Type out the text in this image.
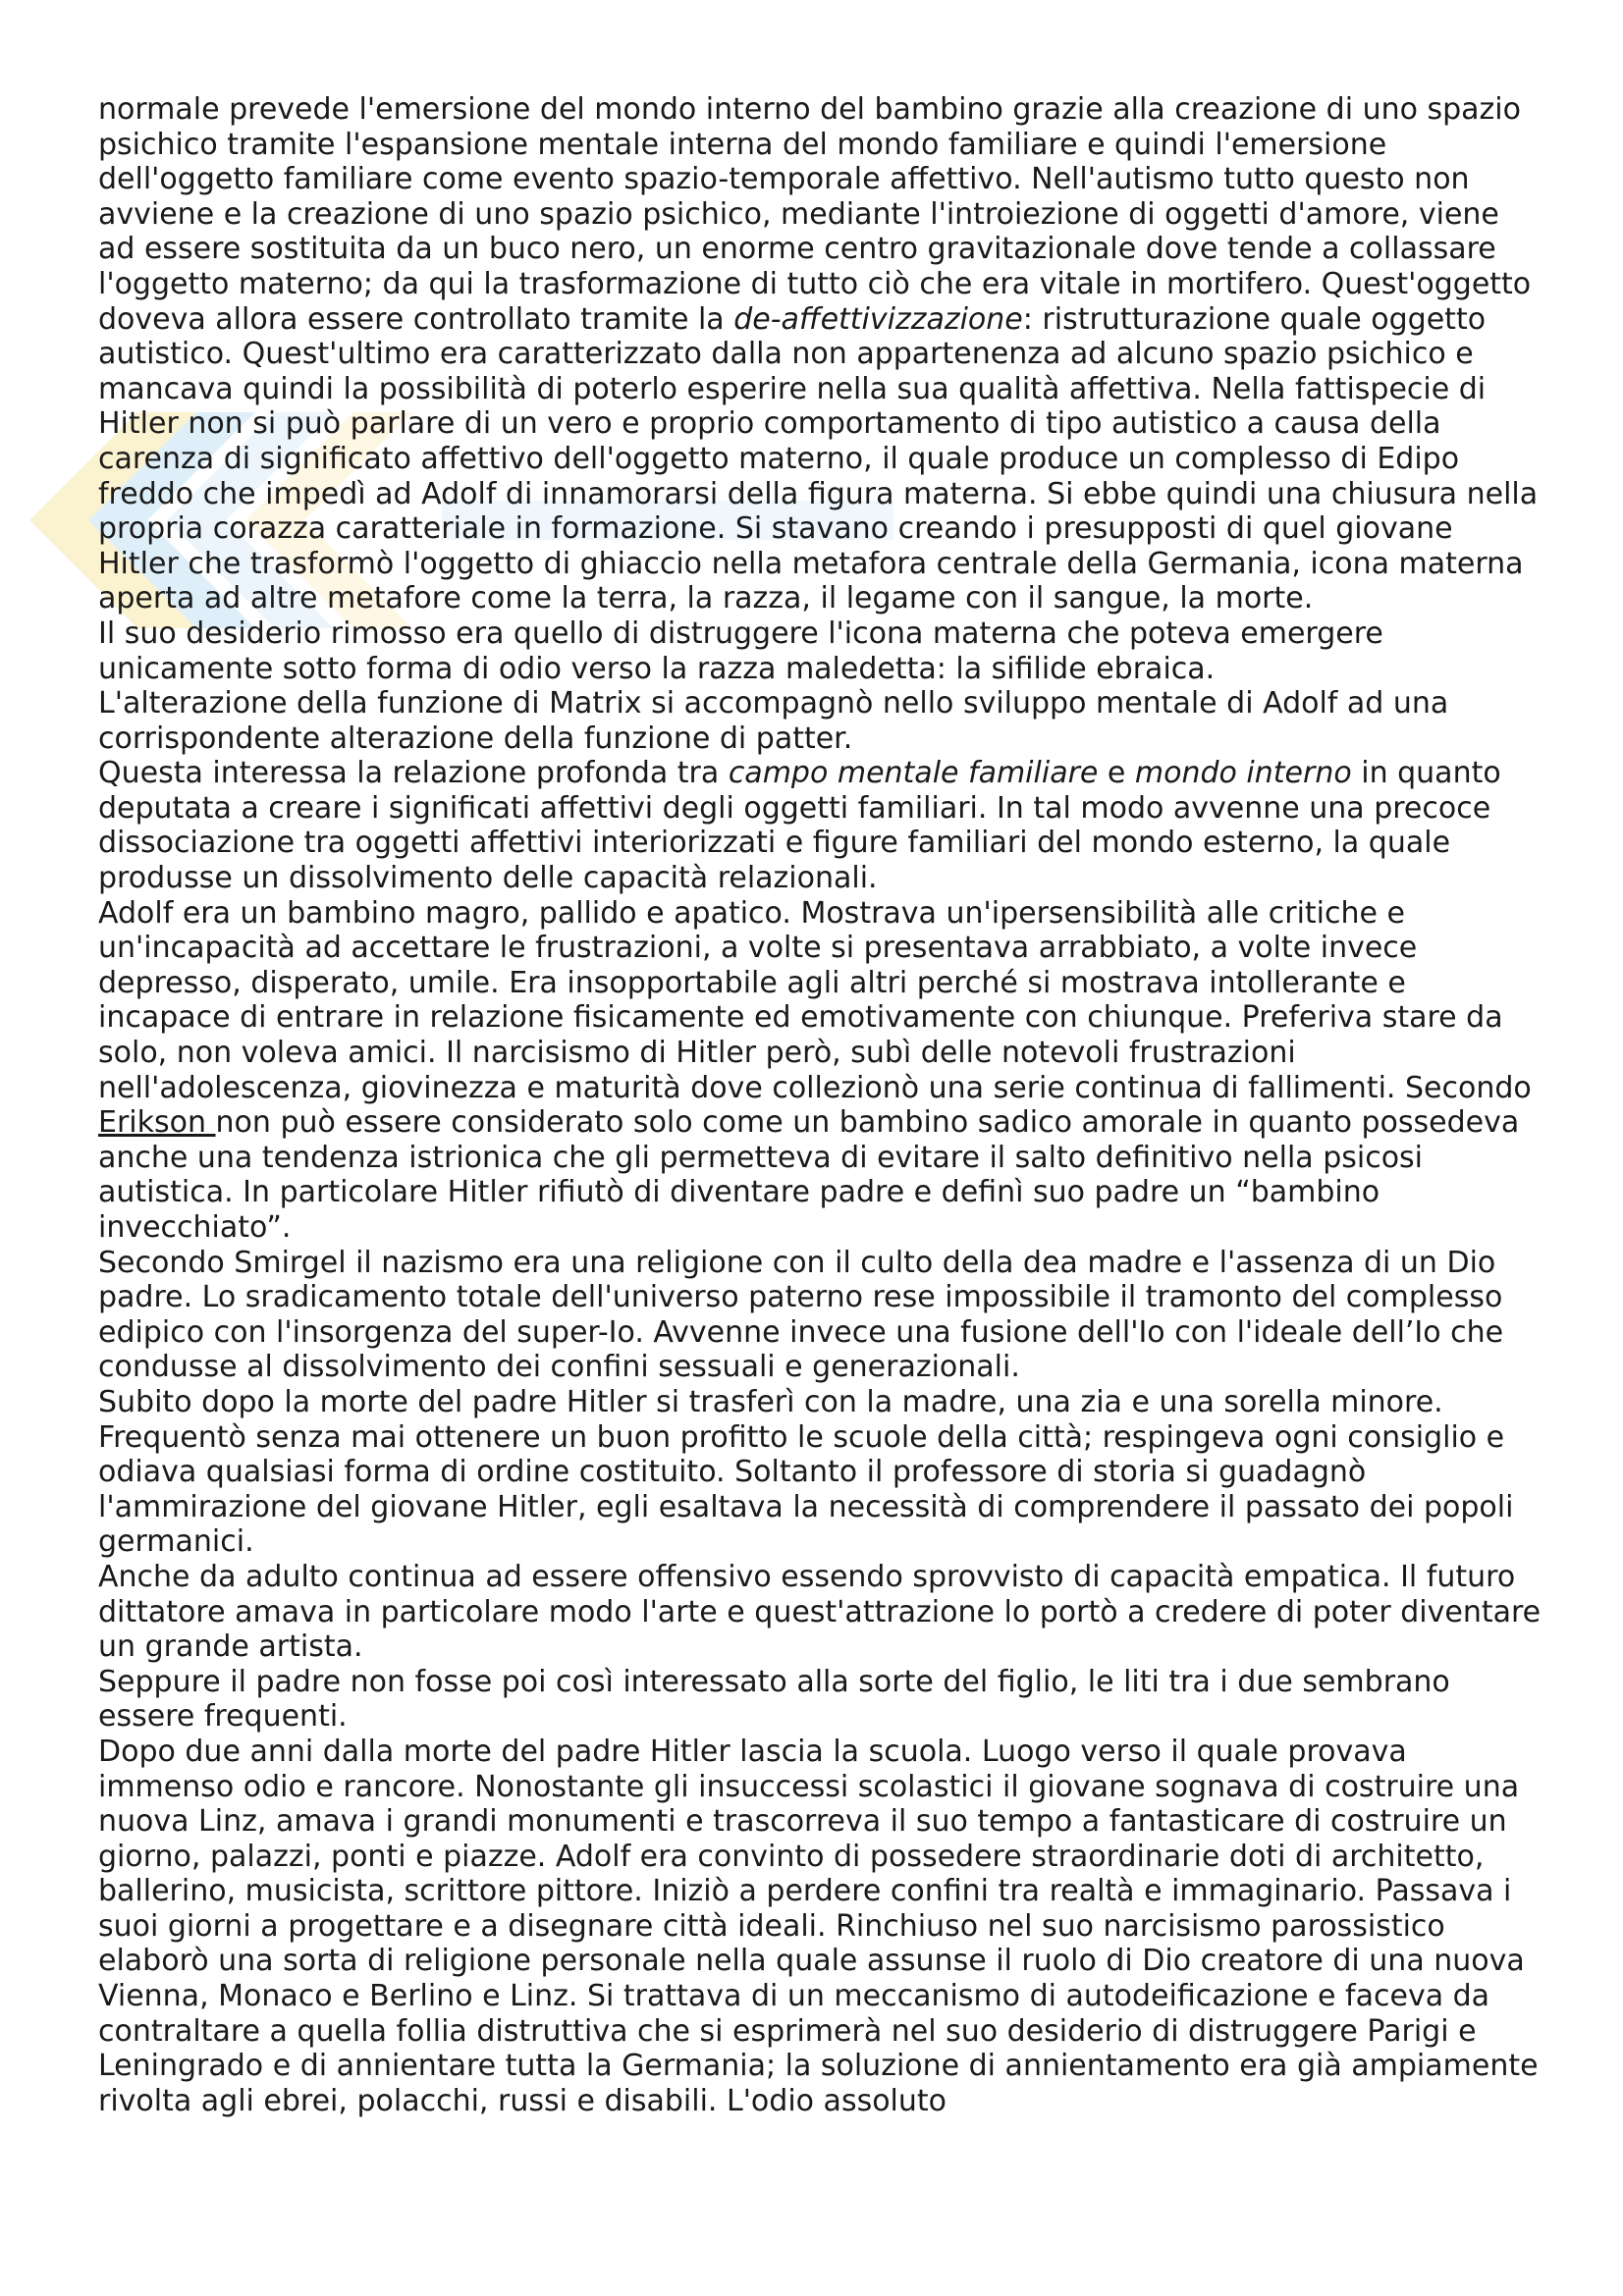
normale prevede l'emersione del mondo interno del bambino grazie alla creazione di uno spazio psichico tramite l'espansione mentale interna del mondo familiare e quindi l'emersione dell'oggetto familiare come evento spazio-temporale affettivo. Nell'autismo tutto questo non avviene e la creazione di uno spazio psichico, mediante l'introiezione di oggetti d'amore, viene ad essere sostituita da un buco nero, un enorme centro gravitazionale dove tende a collassare l'oggetto materno; da qui la trasformazione di tutto ciò che era vitale in mortifero. Quest'oggetto doveva allora essere controllato tramite la de-affettivizzazione: ristrutturazione quale oggetto autistico. Quest'ultimo era caratterizzato dalla non appartenenza ad alcuno spazio psichico e mancava quindi la possibilità di poterlo esperire nella sua qualità affettiva. Nella fattispecie di Hitler non si può parlare di un vero e proprio comportamento di tipo autistico a causa della carenza di significato affettivo dell'oggetto materno, il quale produce un complesso di Edipo freddo che impedì ad Adolf di innamorarsi della figura materna. Si ebbe quindi una chiusura nella propria corazza caratteriale in formazione. Si stavano creando i presupposti di quel giovane Hitler che trasformò l'oggetto di ghiaccio nella metafora centrale della Germania, icona materna aperta ad altre metafore come la terra, la razza, il legame con il sangue, la morte.

Il suo desiderio rimosso era quello di distruggere l'icona materna che poteva emergere unicamente sotto forma di odio verso la razza maledetta: la sifilide ebraica.

L'alterazione della funzione di Matrix si accompagnò nello sviluppo mentale di Adolf ad una corrispondente alterazione della funzione di patter.

Questa interessa la relazione profonda tra campo mentale familiare e mondo interno in quanto deputata a creare i significati affettivi degli oggetti familiari. In tal modo avvenne una precoce dissociazione tra oggetti affettivi interiorizzati e figure familiari del mondo esterno, la quale produsse un dissolvimento delle capacità relazionali.

Adolf era un bambino magro, pallido e apatico. Mostrava un'ipersensibilità alle critiche e un'incapacità ad accettare le frustrazioni, a volte si presentava arrabbiato, a volte invece depresso, disperato, umile. Era insopportabile agli altri perché si mostrava intollerante e incapace di entrare in relazione fisicamente ed emotivamente con chiunque. Preferiva stare da solo, non voleva amici. Il narcisismo di Hitler però, subì delle notevoli frustrazioni nell'adolescenza, giovinezza e maturità dove collezionò una serie continua di fallimenti. Secondo Erikson non può essere considerato solo come un bambino sadico amorale in quanto possedeva anche una tendenza istrionica che gli permetteva di evitare il salto definitivo nella psicosi autistica. In particolare Hitler rifiutò di diventare padre e definì suo padre un “bambino invecchiato”.

Secondo Smirgel il nazismo era una religione con il culto della dea madre e l'assenza di un Dio padre. Lo sradicamento totale dell'universo paterno rese impossibile il tramonto del complesso edipico con l'insorgenza del super-Io. Avvenne invece una fusione dell'Io con l'ideale dell’Io che condusse al dissolvimento dei confini sessuali e generazionali.

Subito dopo la morte del padre Hitler si trasferì con la madre, una zia e una sorella minore. Frequentò senza mai ottenere un buon profitto le scuole della città; respingeva ogni consiglio e odiava qualsiasi forma di ordine costituito. Soltanto il professore di storia si guadagnò l'ammirazione del giovane Hitler, egli esaltava la necessità di comprendere il passato dei popoli germanici.

Anche da adulto continua ad essere offensivo essendo sprovvisto di capacità empatica. Il futuro dittatore amava in particolare modo l'arte e quest'attrazione lo portò a credere di poter diventare un grande artista.

Seppure il padre non fosse poi così interessato alla sorte del figlio, le liti tra i due sembrano essere frequenti.

Dopo due anni dalla morte del padre Hitler lascia la scuola. Luogo verso il quale provava immenso odio e rancore. Nonostante gli insuccessi scolastici il giovane sognava di costruire una nuova Linz, amava i grandi monumenti e trascorreva il suo tempo a fantasticare di costruire un giorno, palazzi, ponti e piazze. Adolf era convinto di possedere straordinarie doti di architetto, ballerino, musicista, scrittore pittore. Iniziò a perdere confini tra realtà e immaginario. Passava i suoi giorni a progettare e a disegnare città ideali. Rinchiuso nel suo narcisismo parossistico elaborò una sorta di religione personale nella quale assunse il ruolo di Dio creatore di una nuova Vienna, Monaco e Berlino e Linz. Si trattava di un meccanismo di autodeificazione e faceva da contraltare a quella follia distruttiva che si esprimerà nel suo desiderio di distruggere Parigi e Leningrado e di annientare tutta la Germania; la soluzione di annientamento era già ampiamente rivolta agli ebrei, polacchi, russi e disabili. L'odio assoluto
